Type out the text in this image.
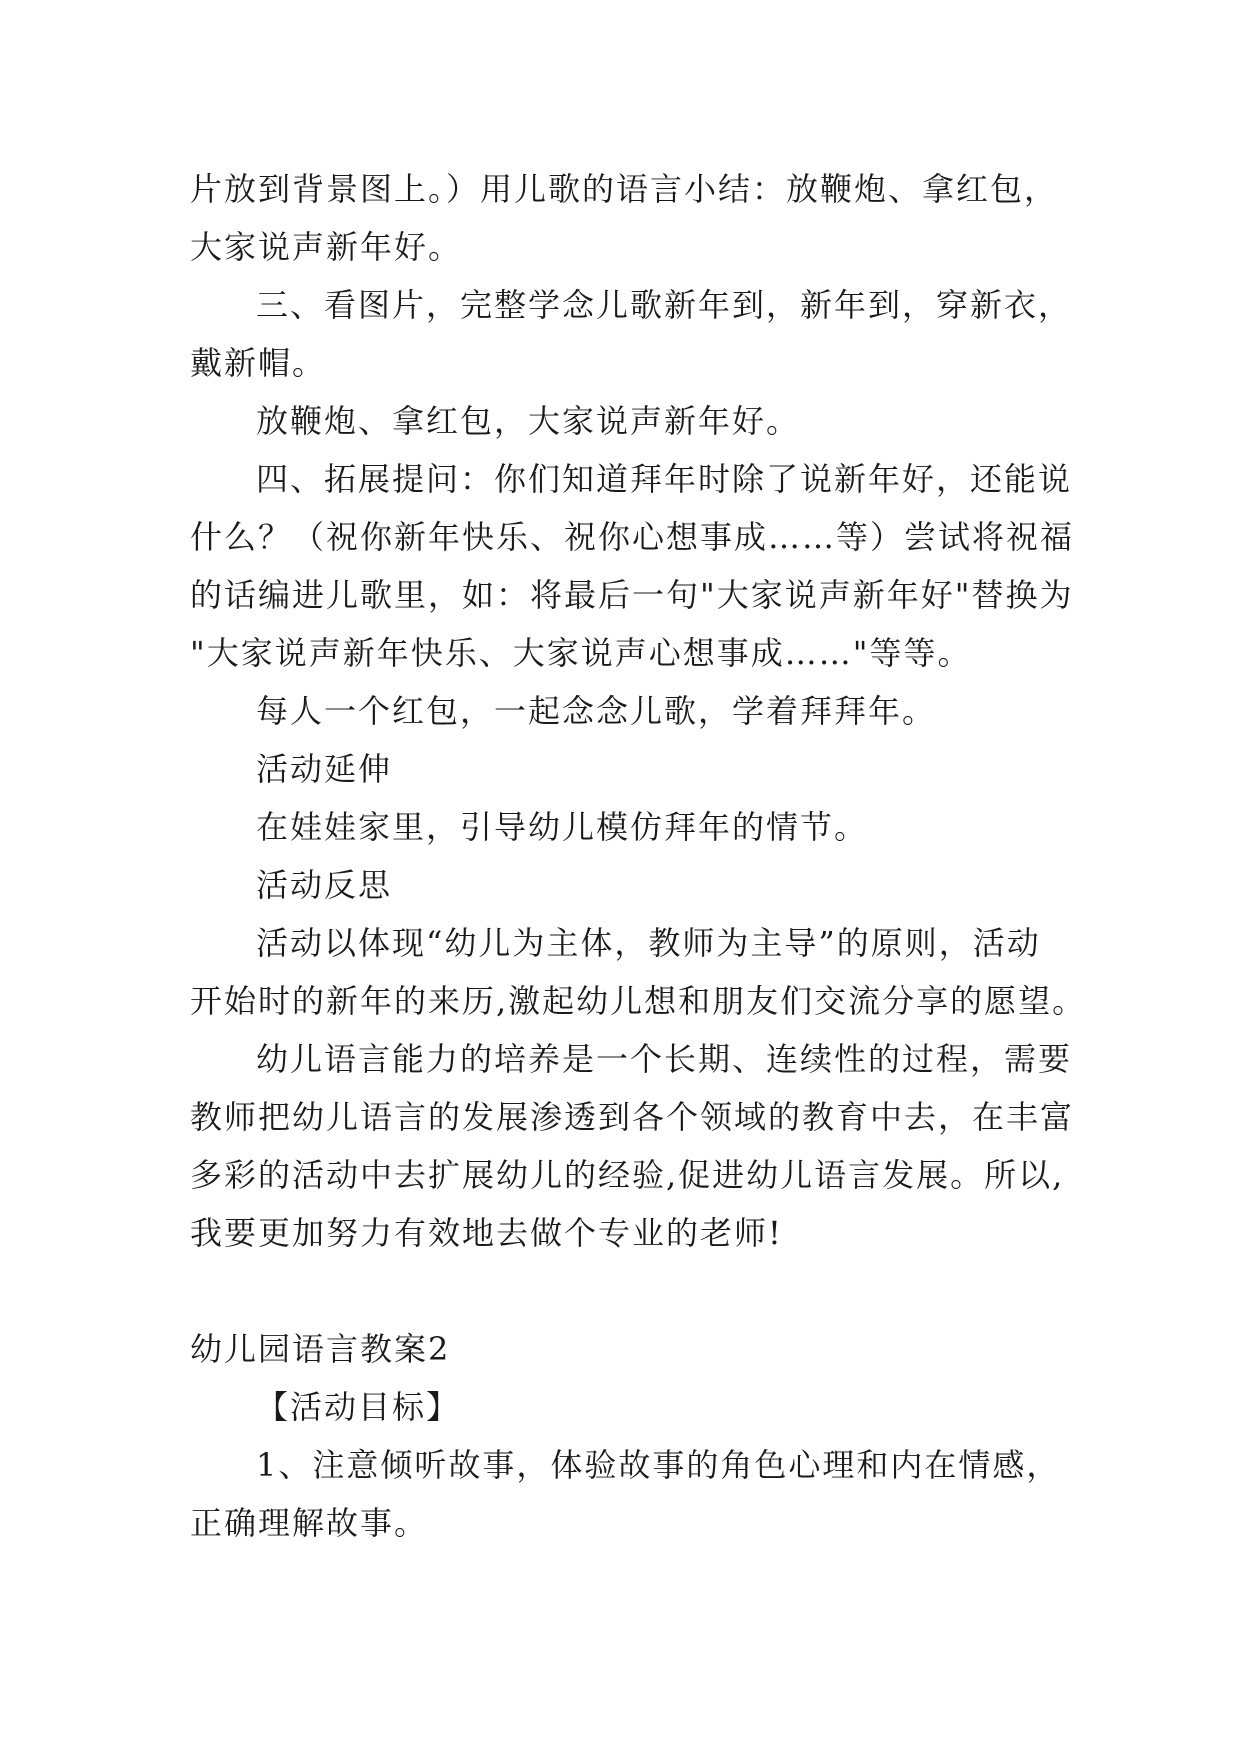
片放到背景图上。）用儿歌的语言小结：放鞭炮、拿红包，
大家说声新年好。
三、看图片，完整学念儿歌新年到，新年到，穿新衣，
戴新帽。
放鞭炮、拿红包，大家说声新年好。
四、拓展提问：你们知道拜年时除了说新年好，还能说
什么？（祝你新年快乐、祝你心想事成……等）尝试将祝福
的话编进儿歌里，如：将最后一句"大家说声新年好"替换为
"大家说声新年快乐、大家说声心想事成……"等等。
每人一个红包，一起念念儿歌，学着拜拜年。
活动延伸
在娃娃家里，引导幼儿模仿拜年的情节。
活动反思
活动以体现“幼儿为主体，教师为主导”的原则，活动
开始时的新年的来历,激起幼儿想和朋友们交流分享的愿望。
幼儿语言能力的培养是一个长期、连续性的过程，需要
教师把幼儿语言的发展渗透到各个领域的教育中去，在丰富
多彩的活动中去扩展幼儿的经验,促进幼儿语言发展。所以,
我要更加努力有效地去做个专业的老师!
幼儿园语言教案2
【活动目标】
1、注意倾听故事，体验故事的角色心理和内在情感，
正确理解故事。
